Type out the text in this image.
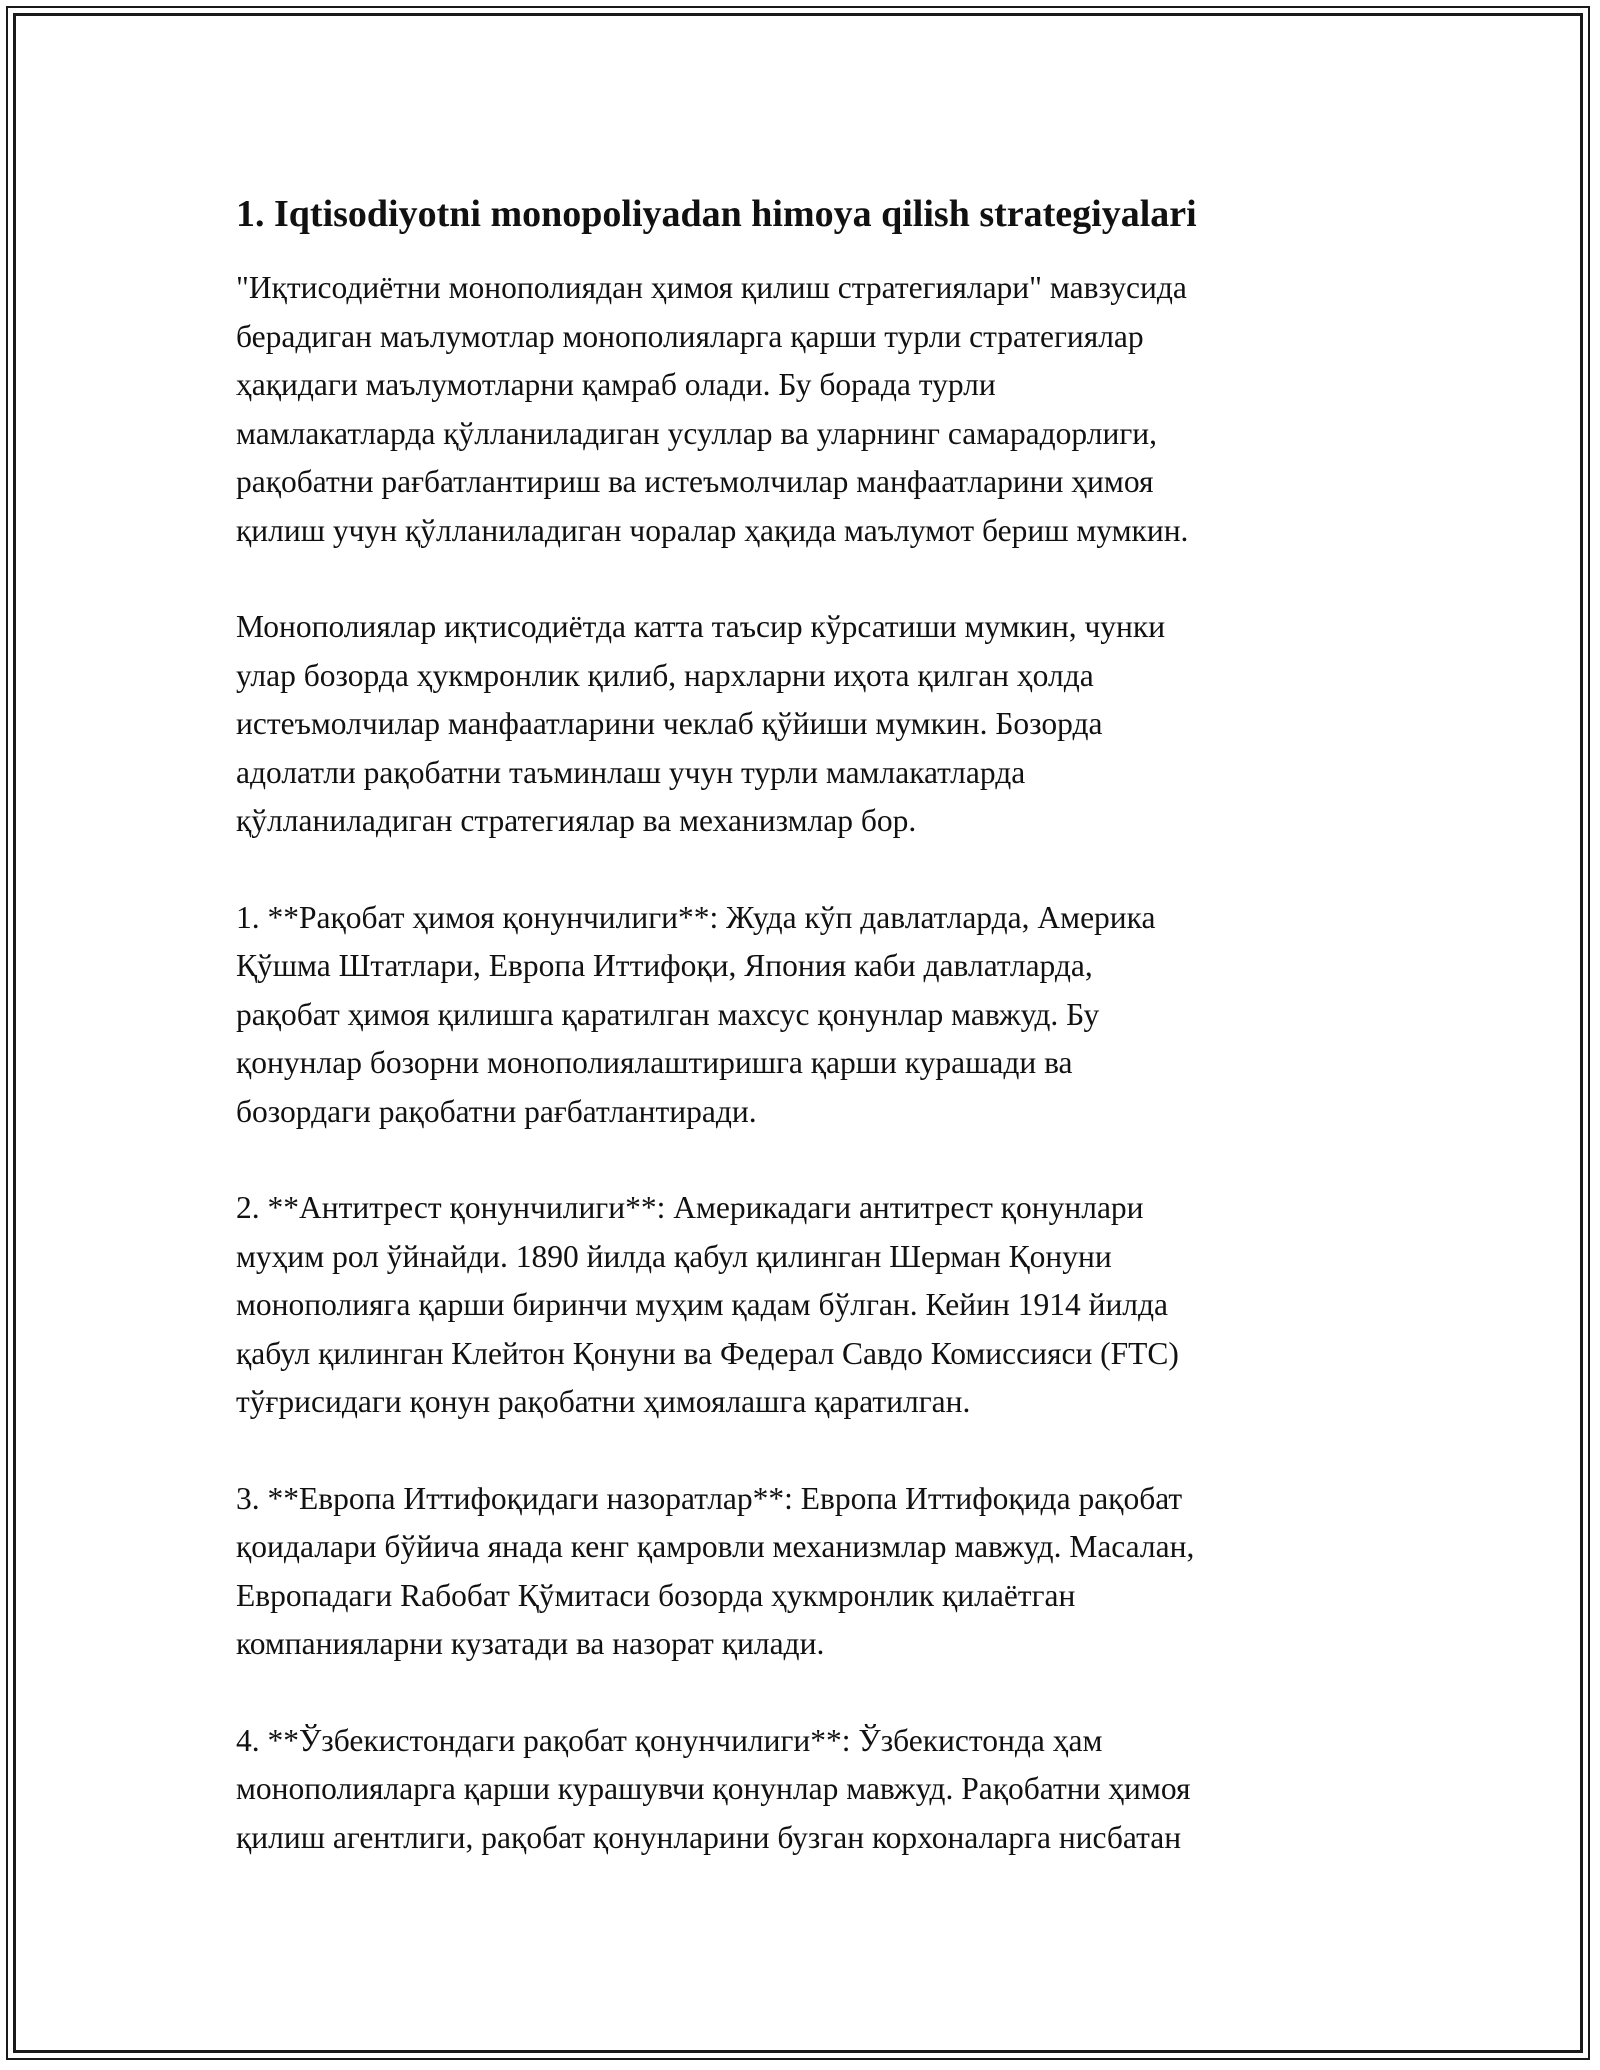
1. Iqtisodiyotni monopoliyadan himoya qilish strategiyalari

"Иқтисодиётни монополиядан ҳимоя қилиш стратегиялари" мавзусида
берадиган маълумотлар монополияларга қарши турли стратегиялар
ҳақидаги маълумотларни қамраб олади. Бу борада турли
мамлакатларда қўлланиладиган усуллар ва уларнинг самарадорлиги,
рақобатни рағбатлантириш ва истеъмолчилар манфаатларини ҳимоя
қилиш учун қўлланиладиган чоралар ҳақида маълумот бериш мумкин.

Монополиялар иқтисодиётда катта таъсир кўрсатиши мумкин, чунки
улар бозорда ҳукмронлик қилиб, нархларни иҳота қилган ҳолда
истеъмолчилар манфаатларини чеклаб қўйиши мумкин. Бозорда
адолатли рақобатни таъминлаш учун турли мамлакатларда
қўлланиладиган стратегиялар ва механизмлар бор.

1. **Рақобат ҳимоя қонунчилиги**: Жуда кўп давлатларда, Америка
Қўшма Штатлари, Европа Иттифоқи, Япония каби давлатларда,
рақобат ҳимоя қилишга қаратилган махсус қонунлар мавжуд. Бу
қонунлар бозорни монополиялаштиришга қарши курашади ва
бозордаги рақобатни рағбатлантиради.

2. **Антитрест қонунчилиги**: Америкадаги антитрест қонунлари
муҳим рол ўйнайди. 1890 йилда қабул қилинган Шерман Қонуни
монополияга қарши биринчи муҳим қадам бўлган. Кейин 1914 йилда
қабул қилинган Клейтон Қонуни ва Федерал Савдо Комиссияси (FTC)
тўғрисидаги қонун рақобатни ҳимоялашга қаратилган.

3. **Европа Иттифоқидаги назоратлар**: Европа Иттифоқида рақобат
қоидалари бўйича янада кенг қамровли механизмлар мавжуд. Масалан,
Европадаги Rабобат Қўмитаси бозорда ҳукмронлик қилаётган
компанияларни кузатади ва назорат қилади.

4. **Ўзбекистондаги рақобат қонунчилиги**: Ўзбекистонда ҳам
монополияларга қарши курашувчи қонунлар мавжуд. Рақобатни ҳимоя
қилиш агентлиги, рақобат қонунларини бузган корхоналарга нисбатан
